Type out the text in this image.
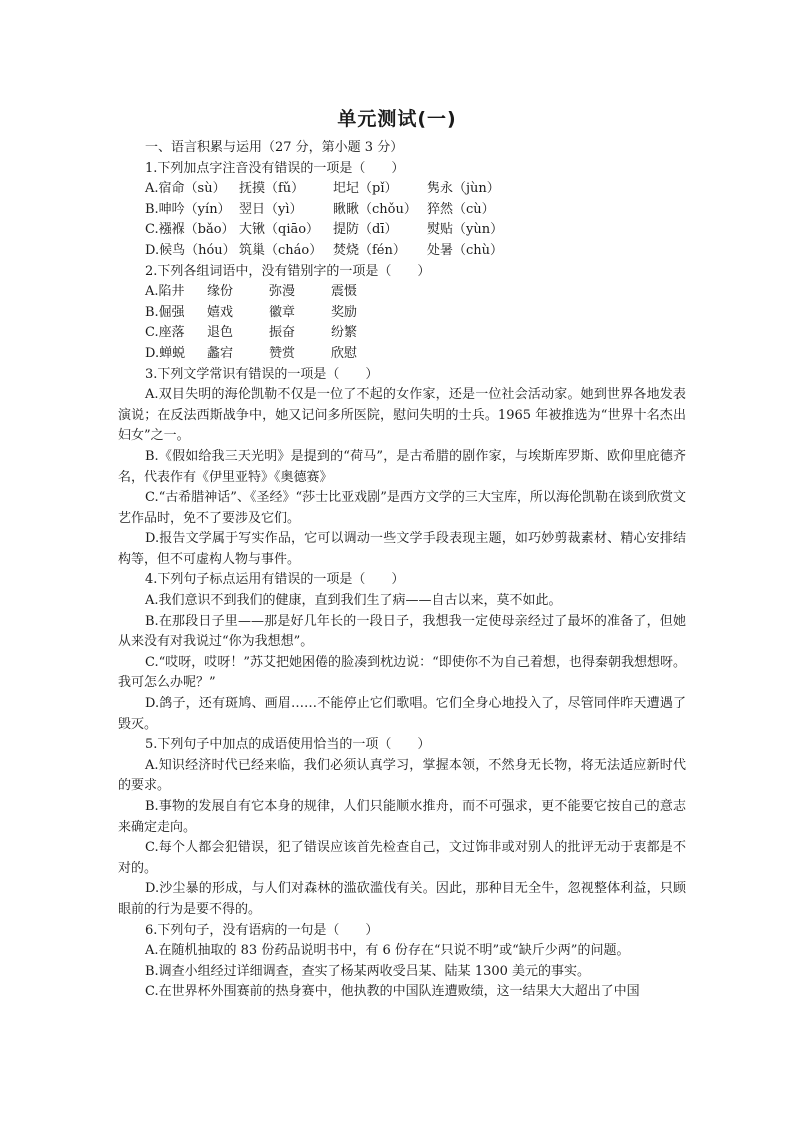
单元测试(一)

一、语言积累与运用（27 分，第小题 3 分）

1.下列加点字注音没有错误的一项是（　　）

A.宿命（sù）	抚摸（fǔ）	圯圮（pǐ）	隽永（jùn）
B.呻吟（yín） 翌日（yì）	瞅瞅（chǒu） 猝然（cù）
C.襁褓（bǎo） 大锹（qiāo）	提防（dī）	熨贴（yùn）
D.候鸟（hóu） 筑巢（cháo） 焚烧（fén）	处暑（chù）

2.下列各组词语中，没有错别字的一项是（　　）

A.陷井	缘份	弥漫	震慑
B.倔强	嬉戏	徽章	奖励
C.座落	退色	振奋	纷繁
D.蝉蜕	蠡宕	赞赏	欣慰

3.下列文学常识有错误的一项是（　　）

A.双目失明的海伦凯勒不仅是一位了不起的女作家，还是一位社会活动家。她到世界各地发表演说；在反法西斯战争中，她又记问多所医院，慰问失明的士兵。1965 年被推选为“世界十名杰出妇女”之一。

B.《假如给我三天光明》是提到的“荷马”，是古希腊的剧作家，与埃斯库罗斯、欧仰里庇德齐名，代表作有《伊里亚特》《奥德赛》

C.“古希腊神话”、《圣经》“莎士比亚戏剧”是西方文学的三大宝库，所以海伦凯勒在谈到欣赏文艺作品时，免不了要涉及它们。

D.报告文学属于写实作品，它可以调动一些文学手段表现主题，如巧妙剪裁素材、精心安排结构等，但不可虚构人物与事件。

4.下列句子标点运用有错误的一项是（　　）

A.我们意识不到我们的健康，直到我们生了病——自古以来，莫不如此。

B.在那段日子里——那是好几年长的一段日子，我想我一定使母亲经过了最坏的准备了，但她从来没有对我说过“你为我想想”。

C.“哎呀，哎呀！”苏艾把她困倦的脸凑到枕边说：“即使你不为自己着想，也得秦朝我想想呀。我可怎么办呢？”

D.鸽子，还有斑鸠、画眉……不能停止它们歌唱。它们全身心地投入了，尽管同伴昨天遭遇了毁灭。

5.下列句子中加点的成语使用恰当的一项（　　）

A.知识经济时代已经来临，我们必须认真学习，掌握本领，不然身无长物，将无法适应新时代的要求。

B.事物的发展自有它本身的规律，人们只能顺水推舟，而不可强求，更不能要它按自己的意志来确定走向。

C.每个人都会犯错误，犯了错误应该首先检查自己，文过饰非或对别人的批评无动于衷都是不对的。

D.沙尘暴的形成，与人们对森林的滥砍滥伐有关。因此，那种目无全牛，忽视整体利益，只顾眼前的行为是要不得的。

6.下列句子，没有语病的一句是（　　）

A.在随机抽取的 83 份药品说明书中，有 6 份存在“只说不明”或“缺斤少两”的问题。

B.调查小组经过详细调查，查实了杨某两收受吕某、陆某 1300 美元的事实。

C.在世界杯外围赛前的热身赛中，他执教的中国队连遭败绩，这一结果大大超出了中国
